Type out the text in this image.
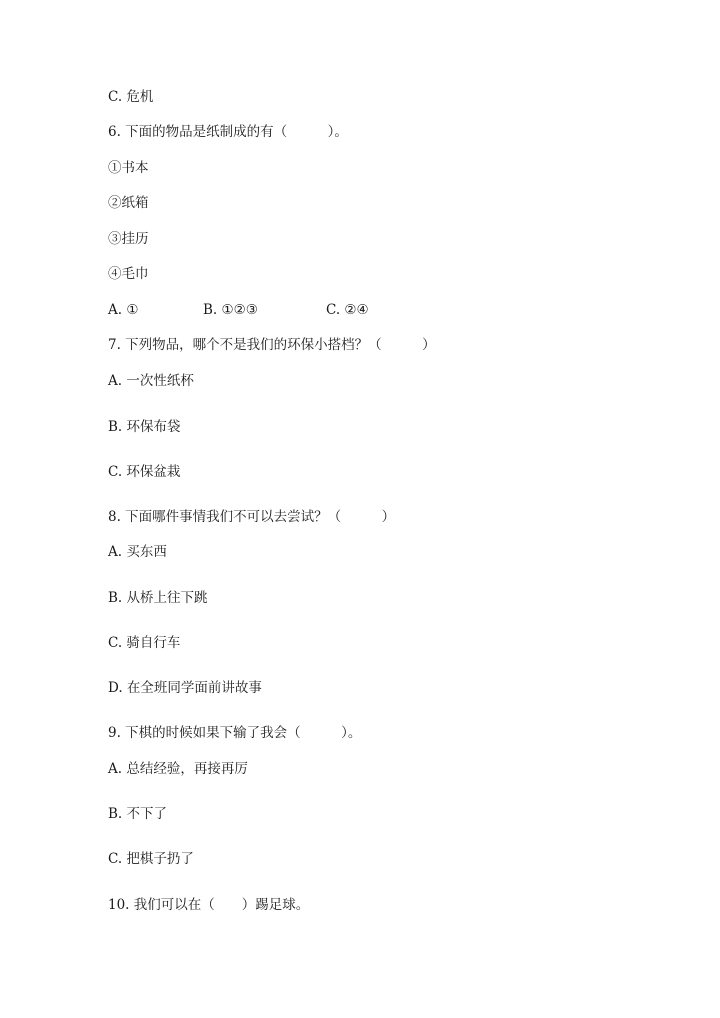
C. 危机
6. 下面的物品是纸制成的有（　　　）。
①书本
②纸箱
③挂历
④毛巾

A. ①

	B. ①②③

	C. ②④

7. 下列物品，哪个不是我们的环保小搭档？（　　　）
A. 一次性纸杯
B. 环保布袋
C. 环保盆栽
8. 下面哪件事情我们不可以去尝试？（　　　）
A. 买东西
B. 从桥上往下跳
C. 骑自行车
D. 在全班同学面前讲故事
9. 下棋的时候如果下输了我会（　　　）。
A. 总结经验，再接再厉
B. 不下了
C. 把棋子扔了
10. 我们可以在（　　）踢足球。
